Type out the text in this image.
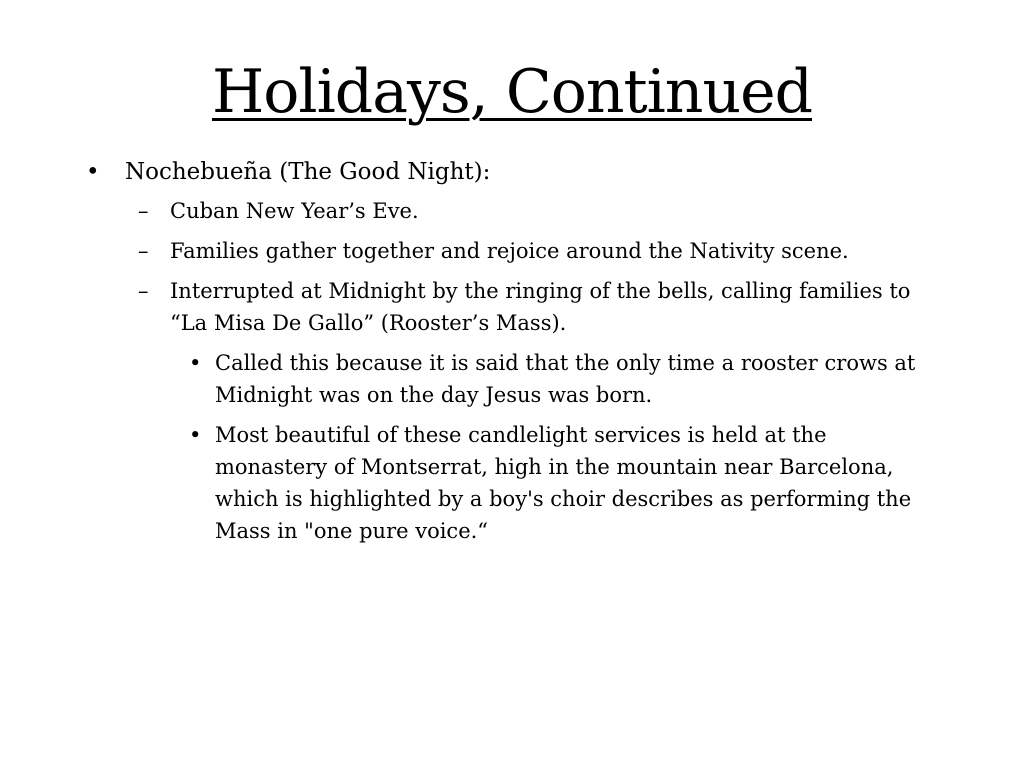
Holidays, Continued
• Nochebueña (The Good Night):
– Cuban New Year’s Eve.
– Families gather together and rejoice around the Nativity scene.
– Interrupted at Midnight by the ringing of the bells, calling families to “La Misa De Gallo” (Rooster’s Mass).
• Called this because it is said that the only time a rooster crows at Midnight was on the day Jesus was born.
• Most beautiful of these candlelight services is held at the monastery of Montserrat, high in the mountain near Barcelona, which is highlighted by a boy's choir describes as performing the Mass in "one pure voice.“
